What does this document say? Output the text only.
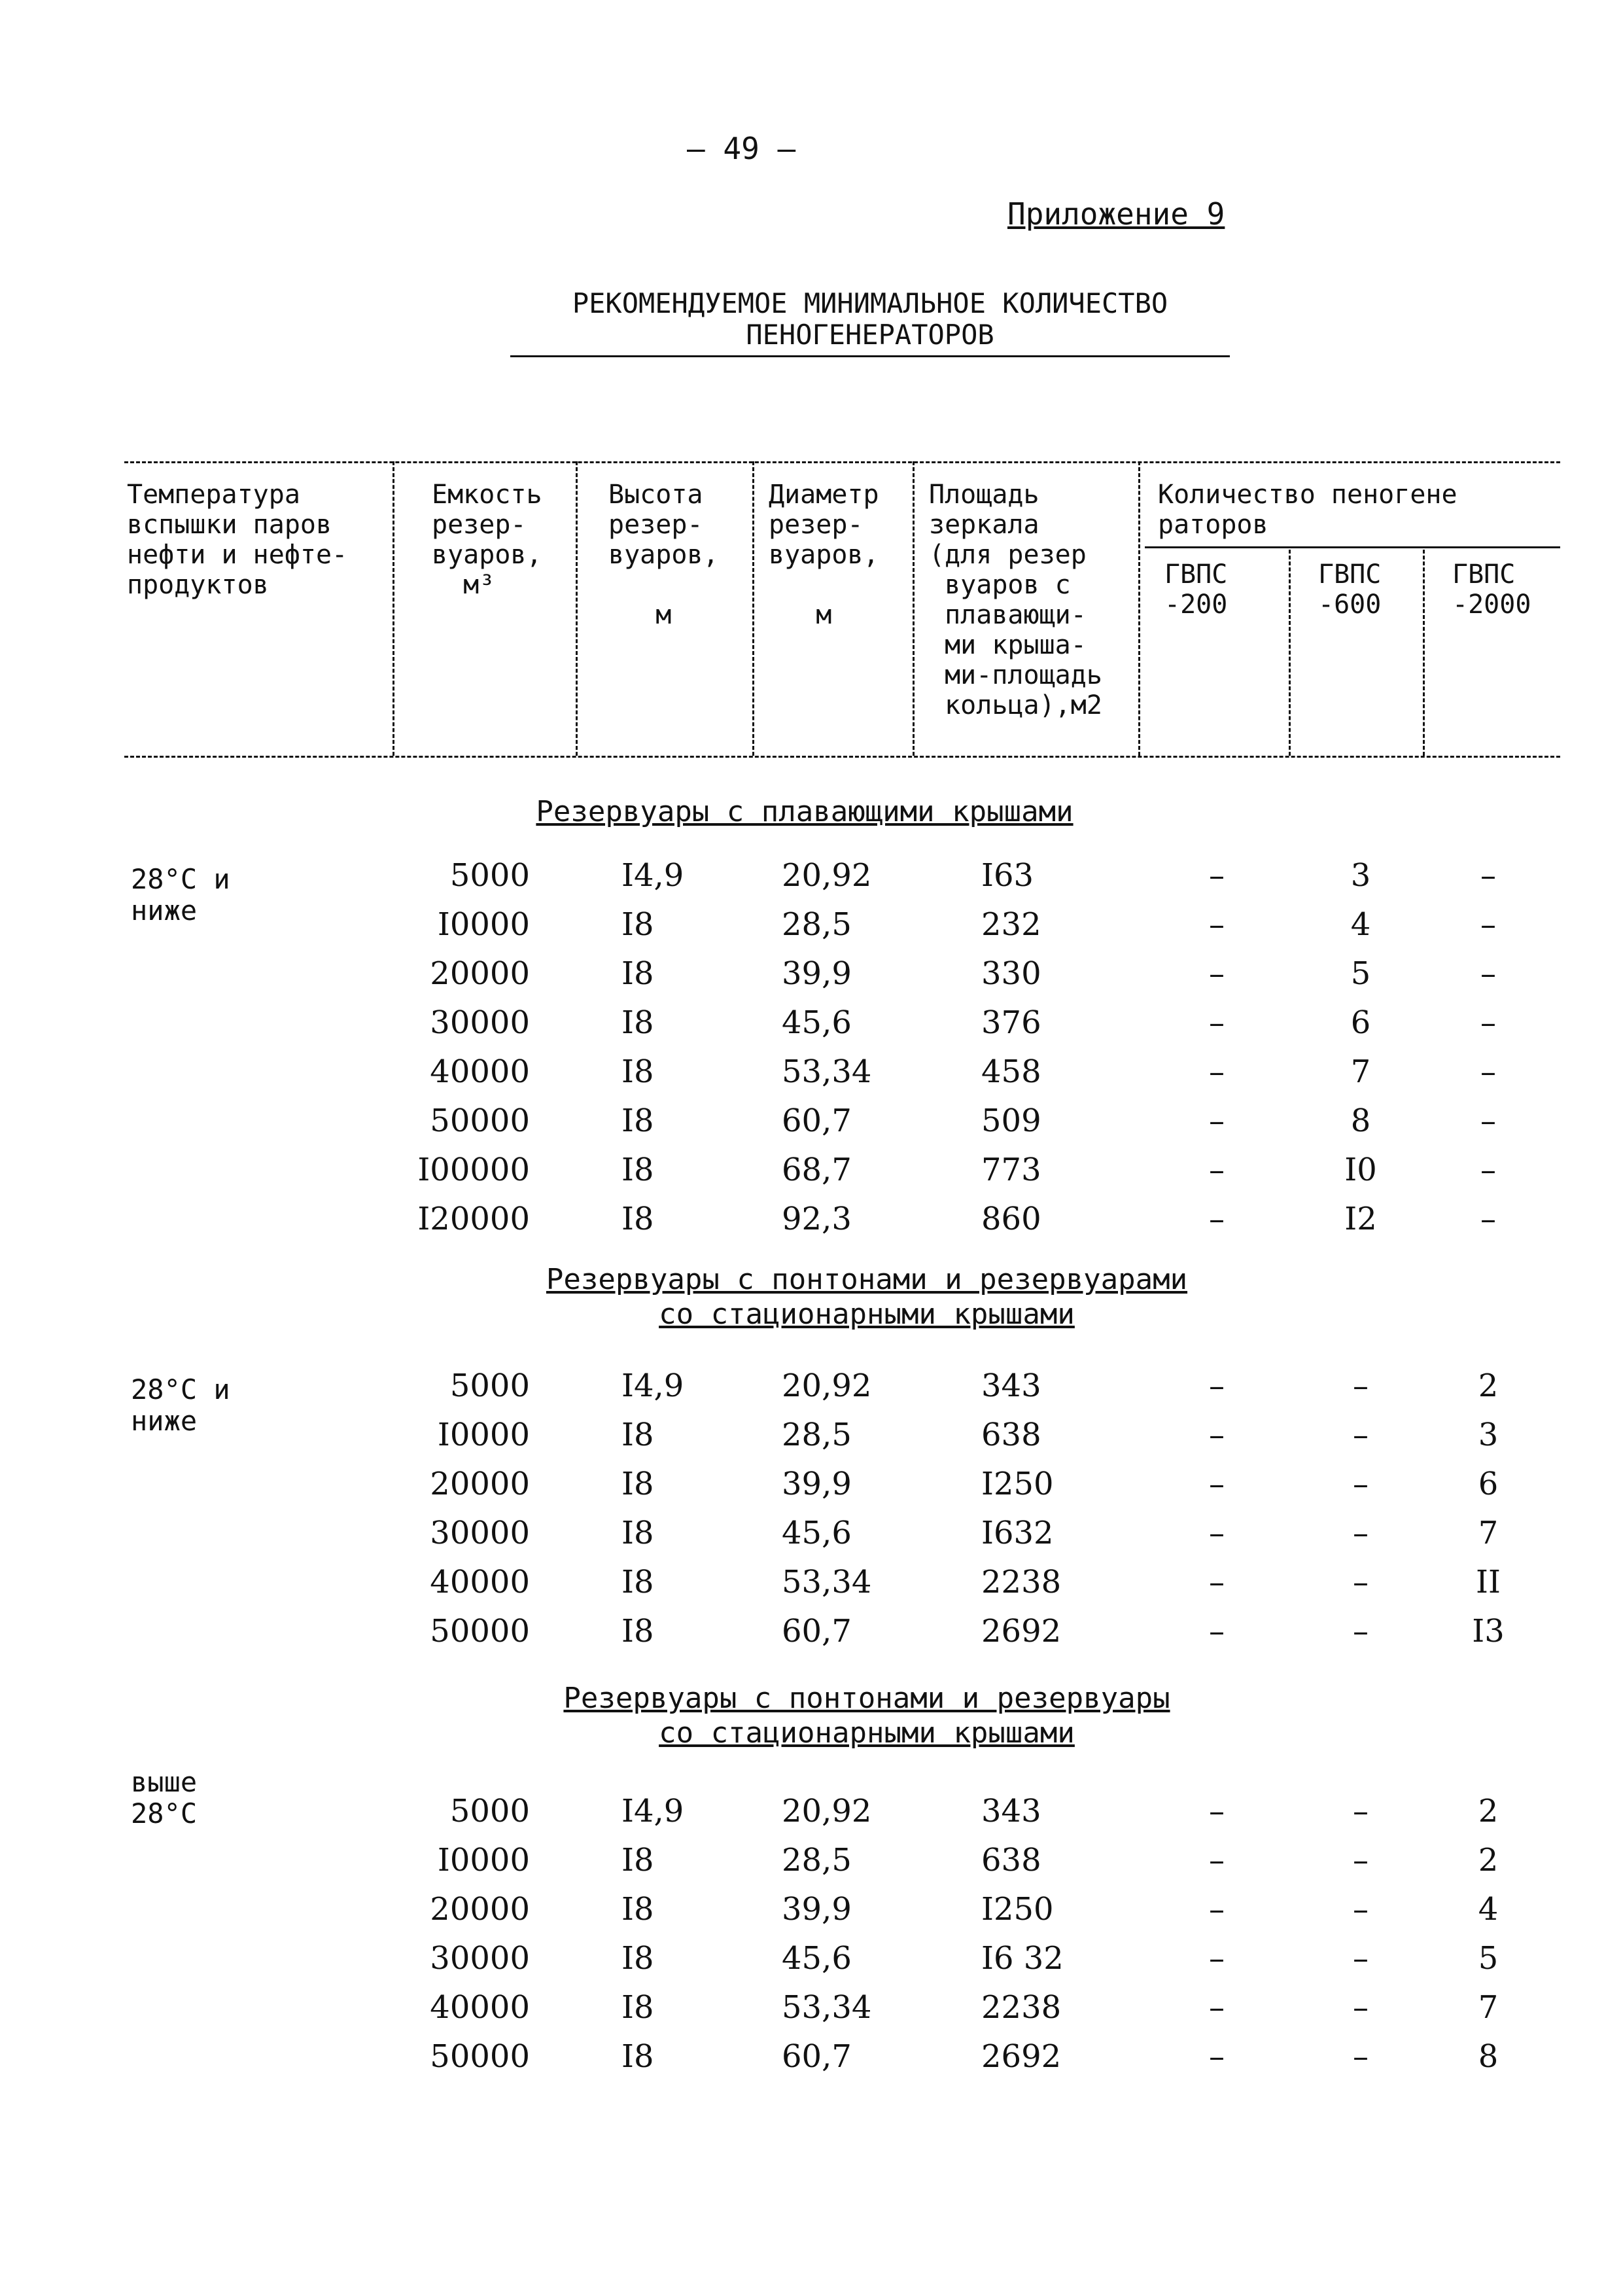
– 49 –
Приложение 9
РЕКОМЕНДУЕМОЕ МИНИМАЛЬНОЕ КОЛИЧЕСТВО
ПЕНОГЕНЕРАТОРОВ
Температура
вспышки паров
нефти и нефте-
продуктов
Емкость
резер-
вуаров,
м³
Высота
резер-
вуаров,

м
Диаметр
резер-
вуаров,

м
Площадь
зеркала
(для резер
вуаров с
плавающи-
ми крыша-
ми-площадь
кольца),м2
Количество пеногене
раторов
ГВПС
-200
ГВПС
-600
ГВПС
-2000
Резервуары с плавающими крышами
28°С и
ниже
5000	I4,9	20,92	I63	–	3	–
I0000	I8	28,5	232	–	4	–
20000	I8	39,9	330	–	5	–
30000	I8	45,6	376	–	6	–
40000	I8	53,34	458	–	7	–
50000	I8	60,7	509	–	8	–
I00000	I8	68,7	773	–	I0	–
I20000	I8	92,3	860	–	I2	–
Резервуары с понтонами и резервуарами
со стационарными крышами
28°С и
ниже
5000	I4,9	20,92	343	–	–	2
I0000	I8	28,5	638	–	–	3
20000	I8	39,9	I250	–	–	6
30000	I8	45,6	I632	–	–	7
40000	I8	53,34	2238	–	–	II
50000	I8	60,7	2692	–	–	I3
Резервуары с понтонами и резервуары
со стационарными крышами
выше
28°С	5000	I4,9	20,92	343	–	–	2
I0000	I8	28,5	638	–	–	2
20000	I8	39,9	I250	–	–	4
30000	I8	45,6	I6 32	–	–	5
40000	I8	53,34	2238	–	–	7
50000	I8	60,7	2692	–	–	8
